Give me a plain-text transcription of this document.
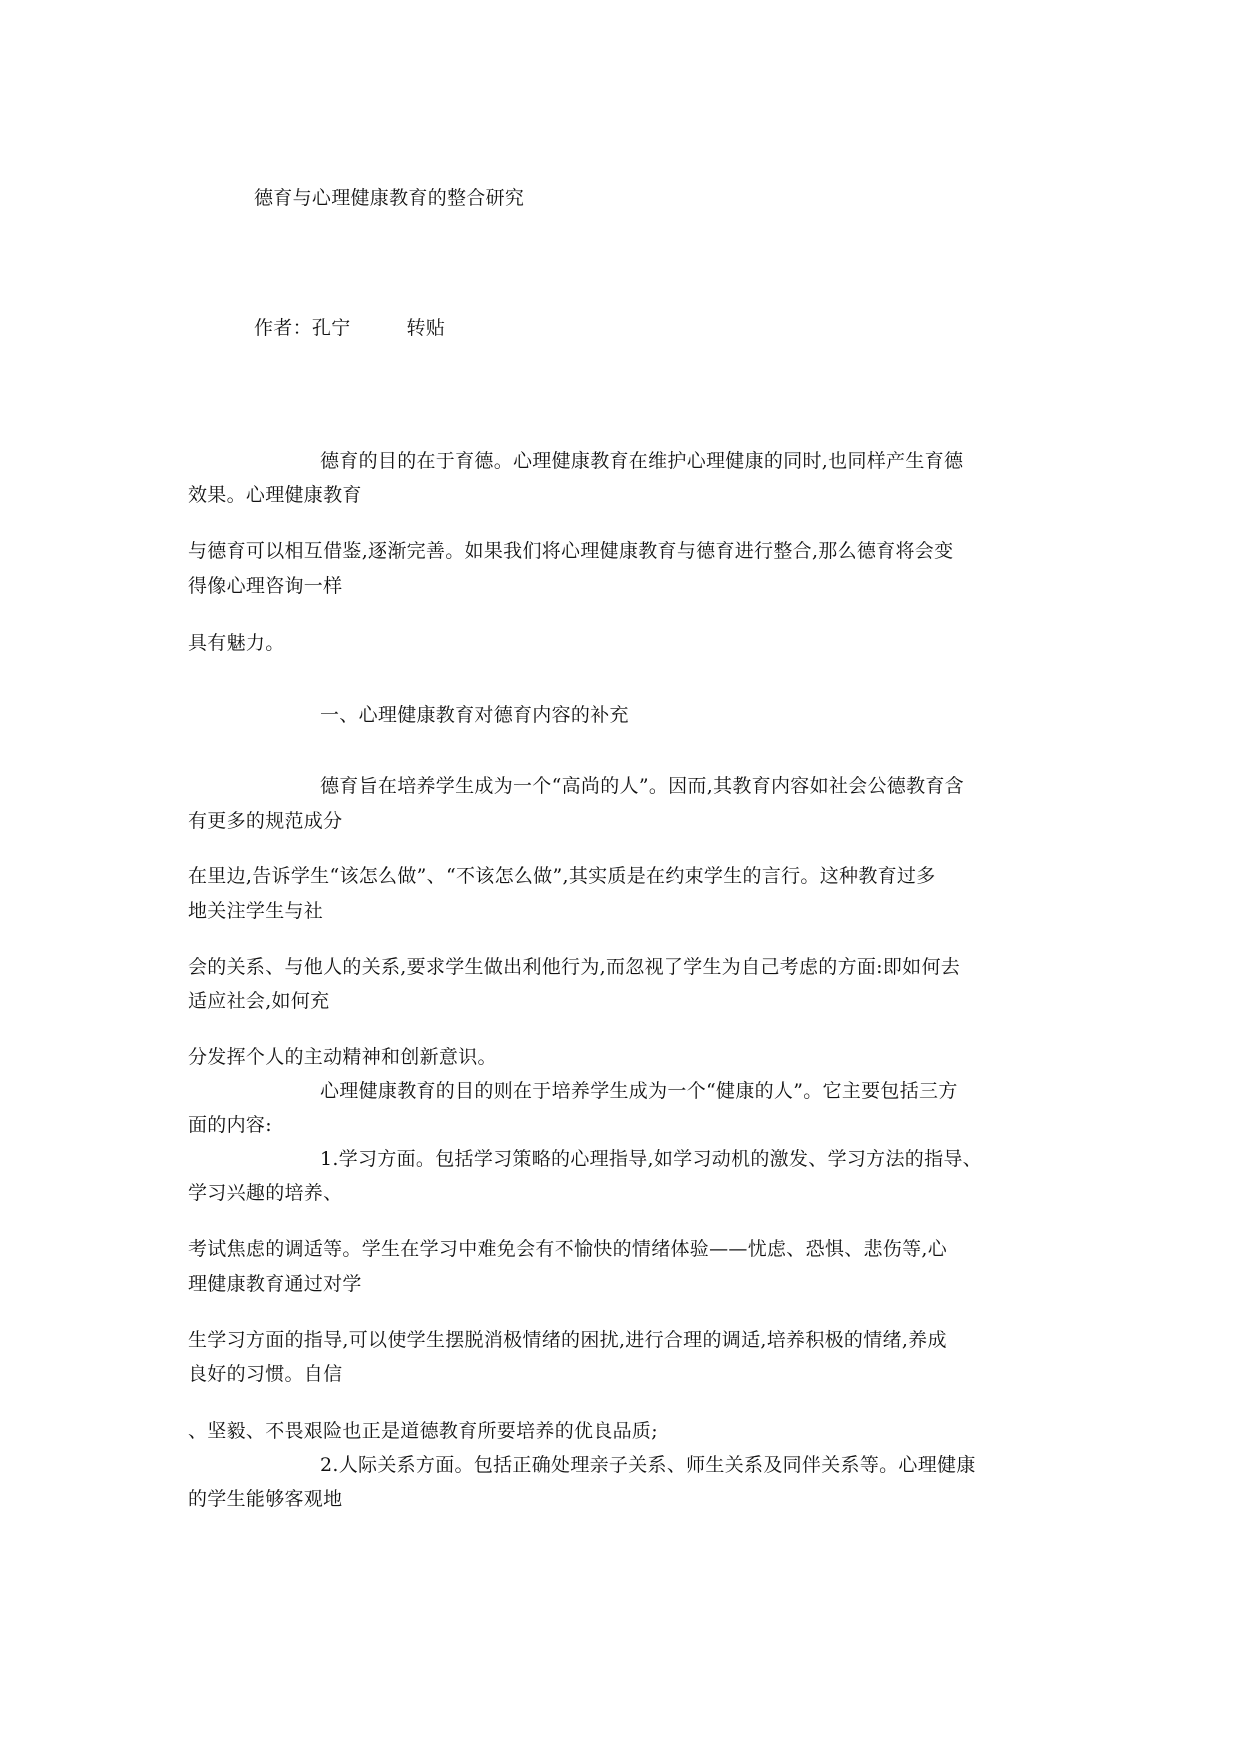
德育与心理健康教育的整合研究
作者：孔宁	转贴
德育的目的在于育德。心理健康教育在维护心理健康的同时,也同样产生育德
效果。心理健康教育
与德育可以相互借鉴,逐渐完善。如果我们将心理健康教育与德育进行整合,那么德育将会变
得像心理咨询一样
具有魅力。
一、心理健康教育对德育内容的补充
德育旨在培养学生成为一个“高尚的人”。因而,其教育内容如社会公德教育含
有更多的规范成分
在里边,告诉学生“该怎么做”、“不该怎么做”,其实质是在约束学生的言行。这种教育过多
地关注学生与社
会的关系、与他人的关系,要求学生做出利他行为,而忽视了学生为自己考虑的方面:即如何去
适应社会,如何充
分发挥个人的主动精神和创新意识。
心理健康教育的目的则在于培养学生成为一个“健康的人”。它主要包括三方
面的内容:
1.学习方面。包括学习策略的心理指导,如学习动机的激发、学习方法的指导、
学习兴趣的培养、
考试焦虑的调适等。学生在学习中难免会有不愉快的情绪体验——忧虑、恐惧、悲伤等,心
理健康教育通过对学
生学习方面的指导,可以使学生摆脱消极情绪的困扰,进行合理的调适,培养积极的情绪,养成
良好的习惯。自信
、坚毅、不畏艰险也正是道德教育所要培养的优良品质;
2.人际关系方面。包括正确处理亲子关系、师生关系及同伴关系等。心理健康
的学生能够客观地
